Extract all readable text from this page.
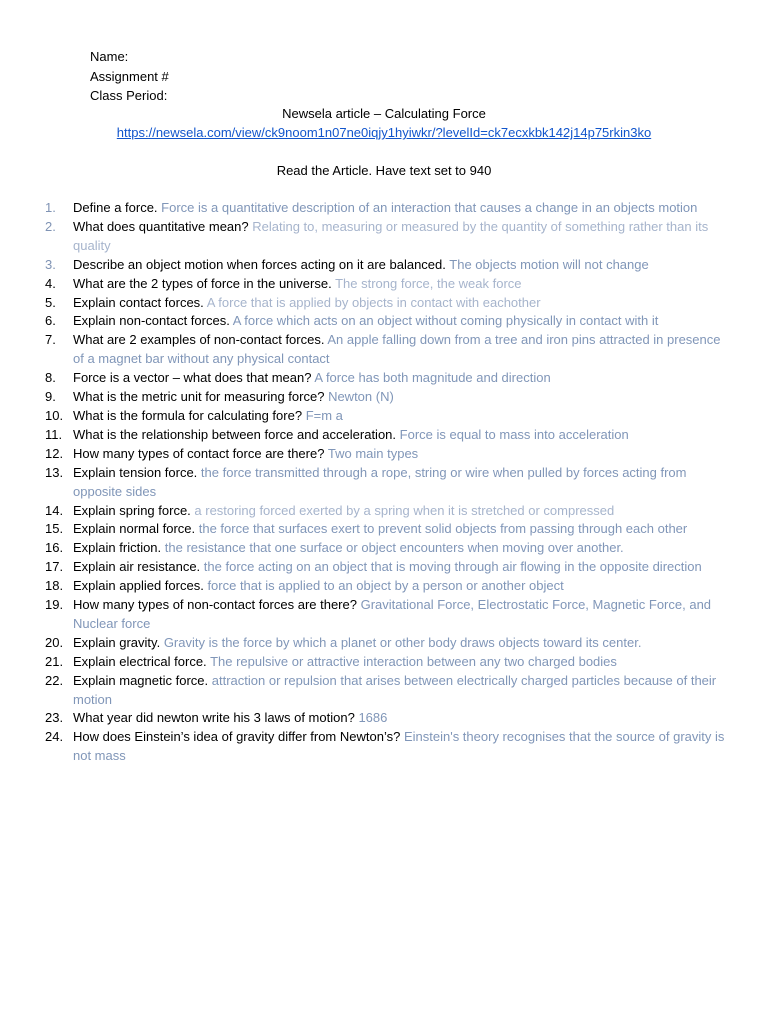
Name:
Assignment #
Class Period:
Newsela article – Calculating Force
https://newsela.com/view/ck9noom1n07ne0iqjy1hyiwkr/?levelId=ck7ecxkbk142j14p75rkin3ko
Read the Article. Have text set to 940
1.	Define a force. Force is a quantitative description of an interaction that causes a change in an objects motion
2.	What does quantitative mean? Relating to, measuring or measured by the quantity of something rather than its quality
3.	Describe an object motion when forces acting on it are balanced. The objects motion will not change
4.	What are the 2 types of force in the universe. The strong force, the weak force
5.	Explain contact forces. A force that is applied by objects in contact with eachother
6.	Explain non-contact forces. A force which acts on an object without coming physically in contact with it
7.	What are 2 examples of non-contact forces. An apple falling down from a tree and iron pins attracted in presence of a magnet bar without any physical contact
8.	Force is a vector – what does that mean? A force has both magnitude and direction
9.	What is the metric unit for measuring force? Newton (N)
10. What is the formula for calculating fore? F=m a
11. What is the relationship between force and acceleration. Force is equal to mass into acceleration
12. How many types of contact force are there? Two main types
13. Explain tension force. the force transmitted through a rope, string or wire when pulled by forces acting from opposite sides
14. Explain spring force. a restoring forced exerted by a spring when it is stretched or compressed
15. Explain normal force. the force that surfaces exert to prevent solid objects from passing through each other
16. Explain friction. the resistance that one surface or object encounters when moving over another.
17. Explain air resistance. the force acting on an object that is moving through air flowing in the opposite direction
18. Explain applied forces. force that is applied to an object by a person or another object
19. How many types of non-contact forces are there? Gravitational Force, Electrostatic Force, Magnetic Force, and Nuclear force
20. Explain gravity. Gravity is the force by which a planet or other body draws objects toward its center.
21. Explain electrical force. The repulsive or attractive interaction between any two charged bodies
22. Explain magnetic force. attraction or repulsion that arises between electrically charged particles because of their motion
23. What year did newton write his 3 laws of motion? 1686
24. How does Einstein’s idea of gravity differ from Newton’s? Einstein's theory recognises that the source of gravity is not mass
